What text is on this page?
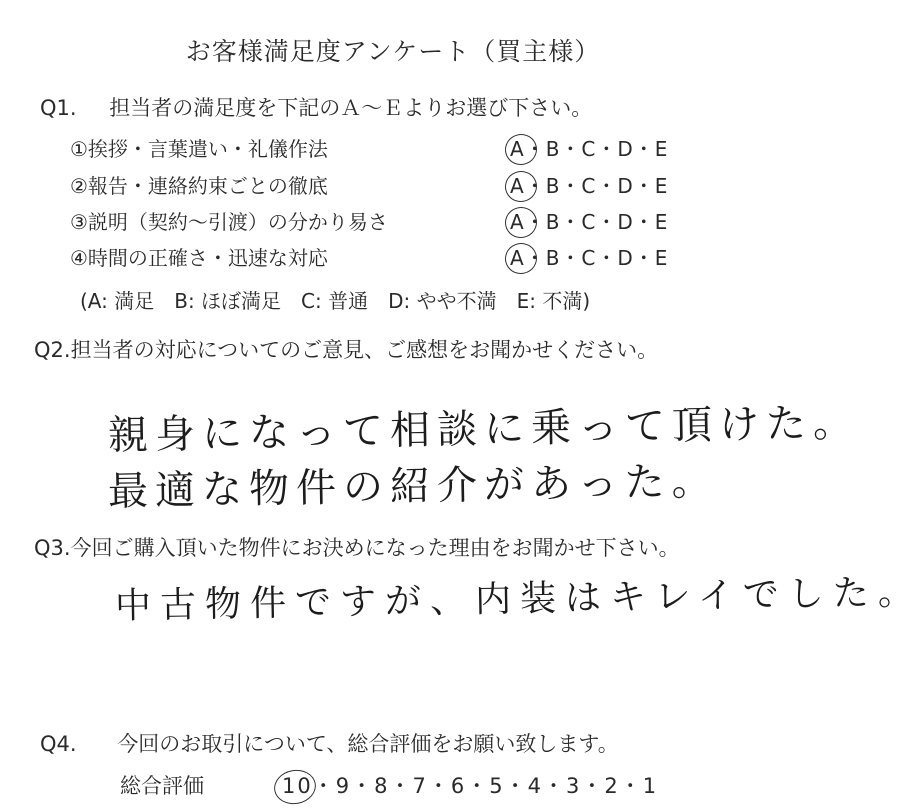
お客様満足度アンケート（買主様）
Q1. 担当者の満足度を下記のＡ～Ｅよりお選び下さい。
①挨拶・言葉遣い・礼儀作法	A・B・C・D・E
②報告・連絡約束ごとの徹底	A・B・C・D・E
③説明（契約～引渡）の分かり易さ	A・B・C・D・E
④時間の正確さ・迅速な対応	A・B・C・D・E
(A: 満足　B: ほぼ満足　C: 普通　D: やや不満　E: 不満)
Q2.担当者の対応についてのご意見、ご感想をお聞かせください。
親身になって相談に乗って頂けた。
最適な物件の紹介があった。
Q3.今回ご購入頂いた物件にお決めになった理由をお聞かせ下さい。
中古物件ですが、内装はキレイでした。
Q4. 今回のお取引について、総合評価をお願い致します。
総合評価	10・9・8・7・6・5・4・3・2・1
